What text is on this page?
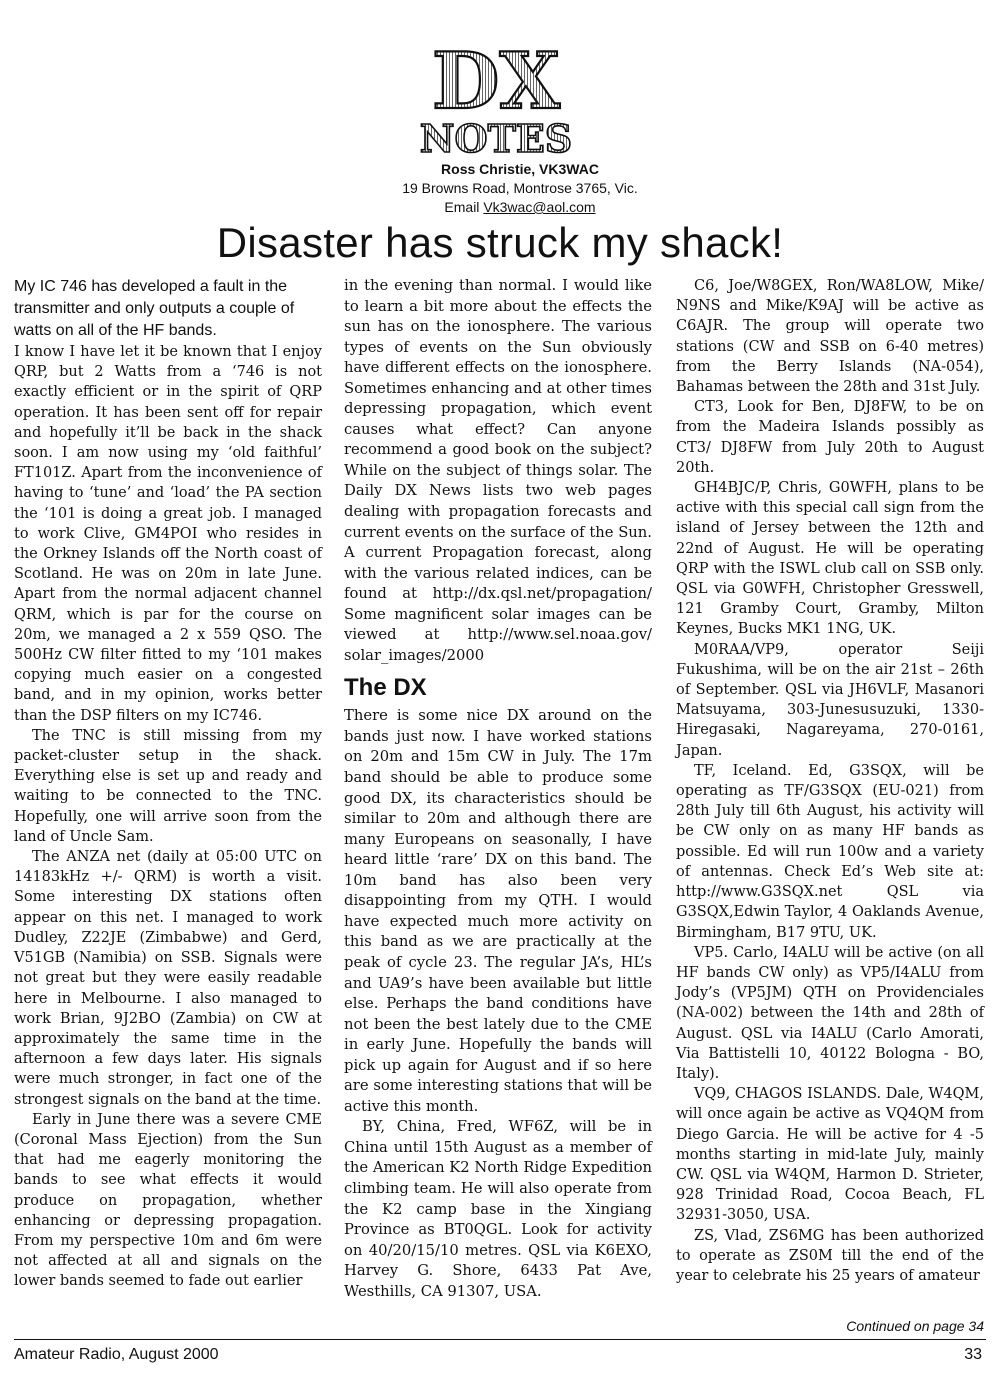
DX
NOTES
Ross Christie, VK3WAC
19 Browns Road, Montrose 3765, Vic.
Email Vk3wac@aol.com
Disaster has struck my shack!

My IC 746 has developed a fault in the transmitter and only outputs a couple of watts on all of the HF bands.

I know I have let it be known that I enjoy QRP, but 2 Watts from a ‘746 is not exactly efficient or in the spirit of QRP operation. It has been sent off for repair and hopefully it’ll be back in the shack soon. I am now using my ‘old faithful’ FT101Z. Apart from the inconvenience of having to ‘tune’ and ‘load’ the PA section the ‘101 is doing a great job. I managed to work Clive, GM4POI who resides in the Orkney Islands off the North coast of Scotland. He was on 20m in late June. Apart from the normal adjacent channel QRM, which is par for the course on 20m, we managed a 2 x 559 QSO. The 500Hz CW filter fitted to my ‘101 makes copying much easier on a congested band, and in my opinion, works better than the DSP filters on my IC746.

The TNC is still missing from my packet-cluster setup in the shack. Everything else is set up and ready and waiting to be connected to the TNC. Hopefully, one will arrive soon from the land of Uncle Sam.

The ANZA net (daily at 05:00 UTC on 14183kHz +/- QRM) is worth a visit. Some interesting DX stations often appear on this net. I managed to work Dudley, Z22JE (Zimbabwe) and Gerd, V51GB (Namibia) on SSB. Signals were not great but they were easily readable here in Melbourne. I also managed to work Brian, 9J2BO (Zambia) on CW at approximately the same time in the afternoon a few days later. His signals were much stronger, in fact one of the strongest signals on the band at the time.

Early in June there was a severe CME (Coronal Mass Ejection) from the Sun that had me eagerly monitoring the bands to see what effects it would produce on propagation, whether enhancing or depressing propagation. From my perspective 10m and 6m were not affected at all and signals on the lower bands seemed to fade out earlier

in the evening than normal. I would like to learn a bit more about the effects the sun has on the ionosphere. The various types of events on the Sun obviously have different effects on the ionosphere. Sometimes enhancing and at other times depressing propagation, which event causes what effect? Can anyone recommend a good book on the subject? While on the subject of things solar. The Daily DX News lists two web pages dealing with propagation forecasts and current events on the surface of the Sun. A current Propagation forecast, along with the various related indices, can be found at http://dx.qsl.net/propagation/ Some magnificent solar images can be viewed at http://www.sel.noaa.gov/ solar_images/2000

The DX

There is some nice DX around on the bands just now. I have worked stations on 20m and 15m CW in July. The 17m band should be able to produce some good DX, its characteristics should be similar to 20m and although there are many Europeans on seasonally, I have heard little ‘rare’ DX on this band. The 10m band has also been very disappointing from my QTH. I would have expected much more activity on this band as we are practically at the peak of cycle 23. The regular JA’s, HL’s and UA9’s have been available but little else. Perhaps the band conditions have not been the best lately due to the CME in early June. Hopefully the bands will pick up again for August and if so here are some interesting stations that will be active this month.

BY, China, Fred, WF6Z, will be in China until 15th August as a member of the American K2 North Ridge Expedition climbing team. He will also operate from the K2 camp base in the Xingiang Province as BT0QGL. Look for activity on 40/20/15/10 metres. QSL via K6EXO, Harvey G. Shore, 6433 Pat Ave, Westhills, CA 91307, USA.

C6, Joe/W8GEX, Ron/WA8LOW, Mike/ N9NS and Mike/K9AJ will be active as C6AJR. The group will operate two stations (CW and SSB on 6-40 metres) from the Berry Islands (NA-054), Bahamas between the 28th and 31st July.

CT3, Look for Ben, DJ8FW, to be on from the Madeira Islands possibly as CT3/ DJ8FW from July 20th to August 20th.

GH4BJC/P, Chris, G0WFH, plans to be active with this special call sign from the island of Jersey between the 12th and 22nd of August. He will be operating QRP with the ISWL club call on SSB only. QSL via G0WFH, Christopher Gresswell, 121 Gramby Court, Gramby, Milton Keynes, Bucks MK1 1NG, UK.

M0RAA/VP9, operator Seiji Fukushima, will be on the air 21st – 26th of September. QSL via JH6VLF, Masanori Matsuyama, 303-Junesusuzuki, 1330-Hiregasaki, Nagareyama, 270-0161, Japan.

TF, Iceland. Ed, G3SQX, will be operating as TF/G3SQX (EU-021) from 28th July till 6th August, his activity will be CW only on as many HF bands as possible. Ed will run 100w and a variety of antennas. Check Ed’s Web site at: http://www.G3SQX.net QSL via G3SQX,Edwin Taylor, 4 Oaklands Avenue, Birmingham, B17 9TU, UK.

VP5. Carlo, I4ALU will be active (on all HF bands CW only) as VP5/I4ALU from Jody’s (VP5JM) QTH on Providenciales (NA-002) between the 14th and 28th of August. QSL via I4ALU (Carlo Amorati, Via Battistelli 10, 40122 Bologna - BO, Italy).

VQ9, CHAGOS ISLANDS. Dale, W4QM, will once again be active as VQ4QM from Diego Garcia. He will be active for 4 -5 months starting in mid-late July, mainly CW. QSL via W4QM, Harmon D. Strieter, 928 Trinidad Road, Cocoa Beach, FL 32931-3050, USA.

ZS, Vlad, ZS6MG has been authorized to operate as ZS0M till the end of the year to celebrate his 25 years of amateur

Continued on page 34
Amateur Radio, August 2000	33
